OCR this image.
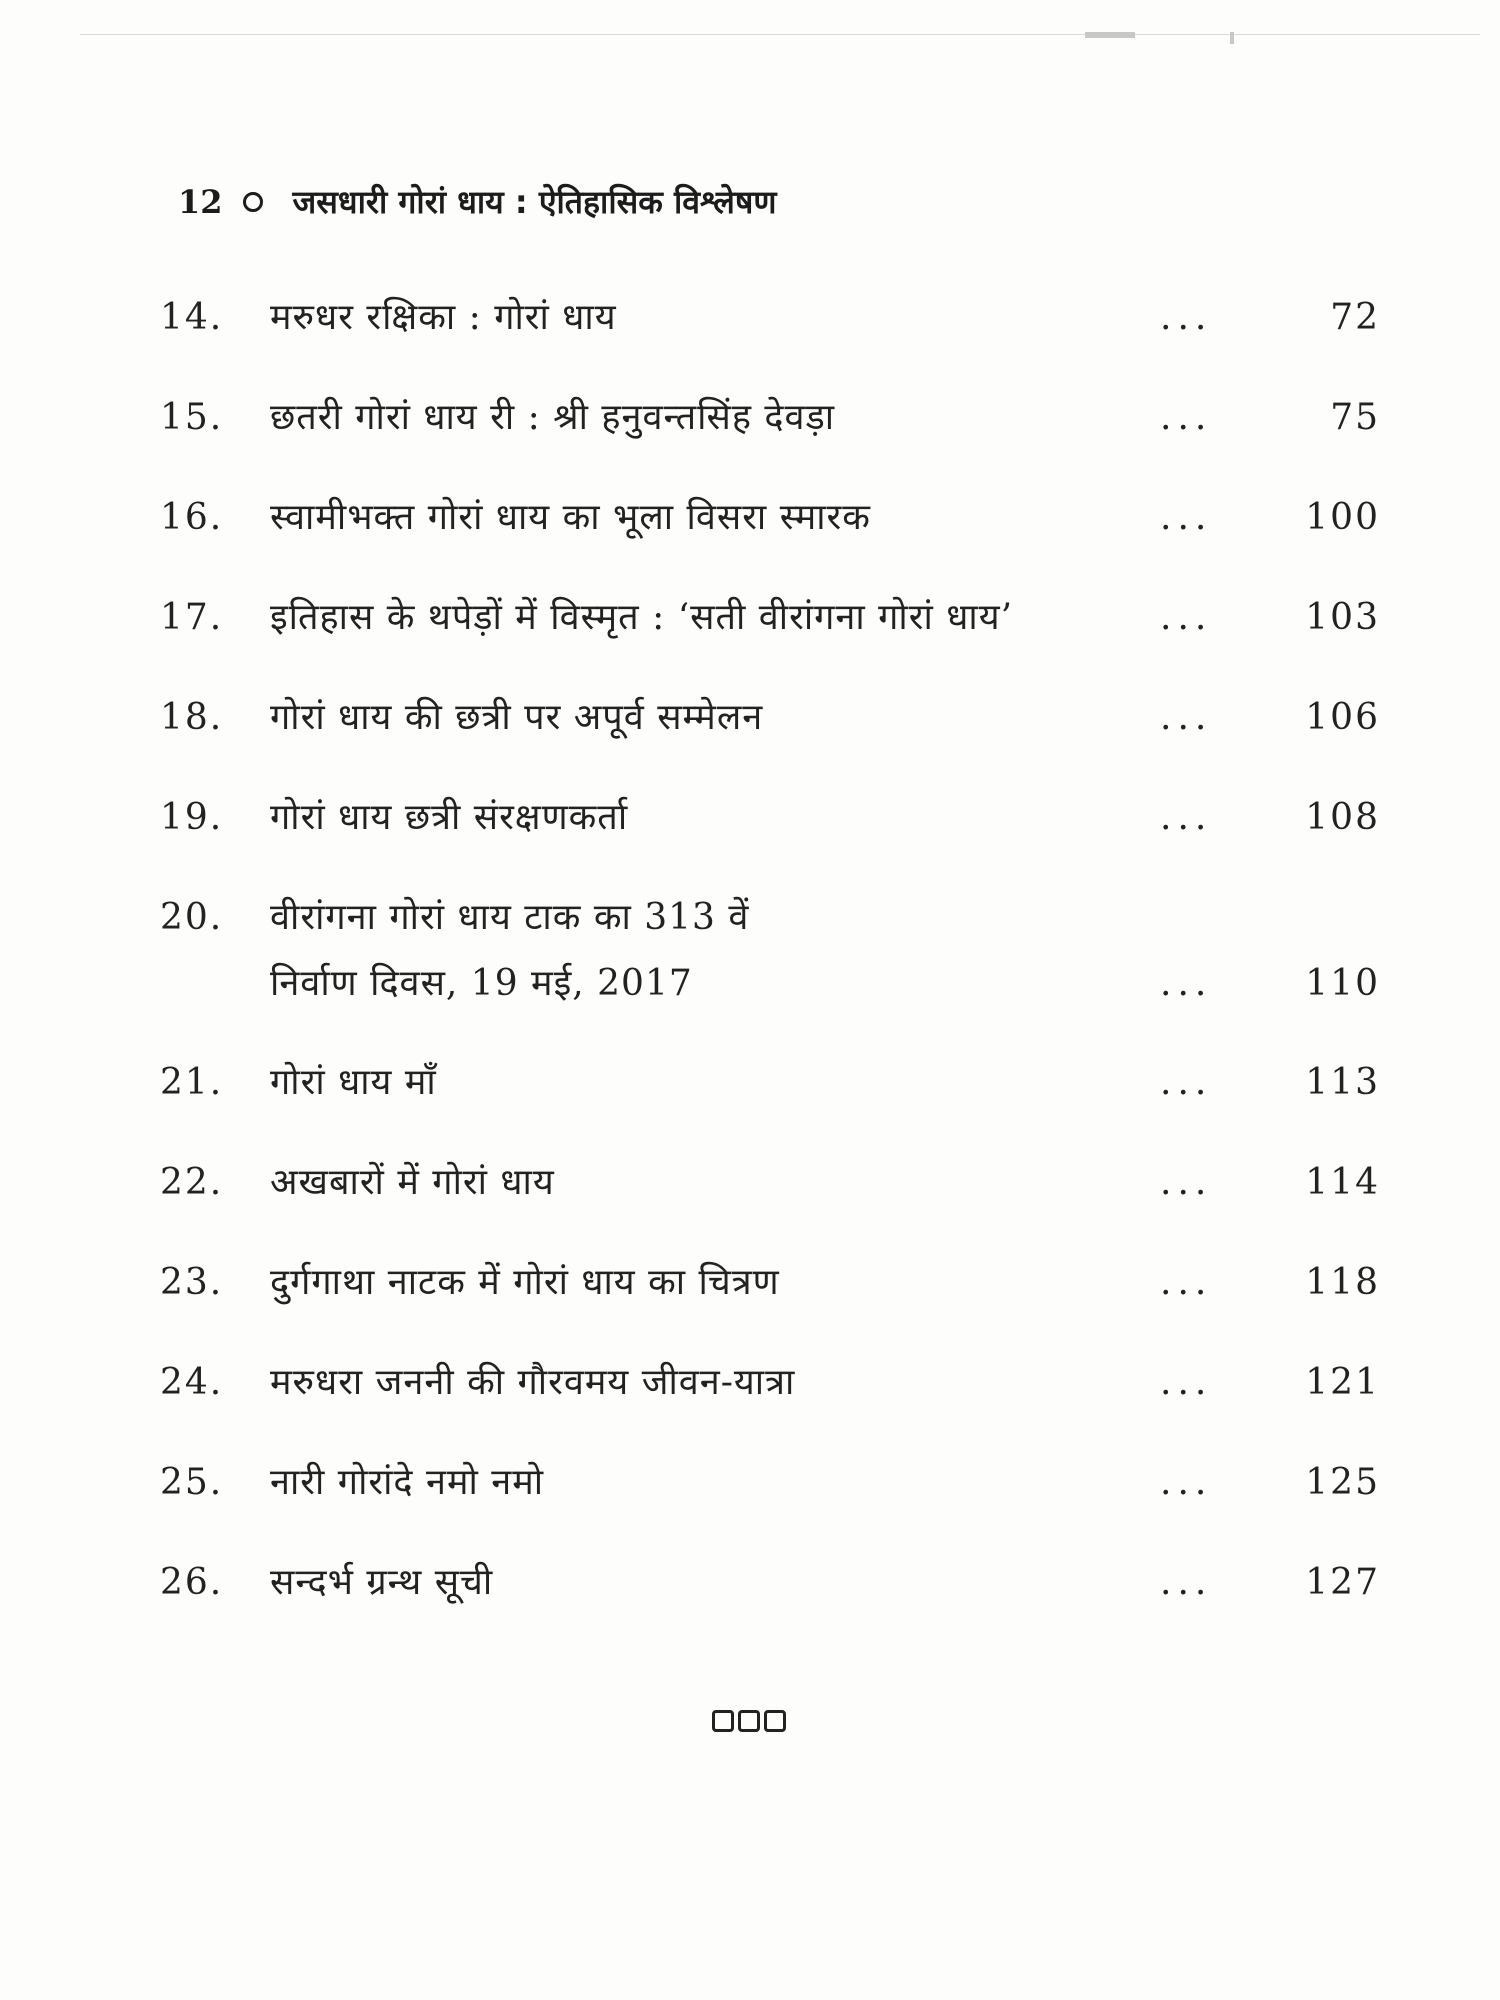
12 जसधारी गोरां धाय : ऐतिहासिक विश्लेषण
14.	मरुधर रक्षिका : गोरां धाय	...	72
15.	छतरी गोरां धाय री : श्री हनुवन्तसिंह देवड़ा	...	75
16.	स्वामीभक्त गोरां धाय का भूला विसरा स्मारक	...	100
17.	इतिहास के थपेड़ों में विस्मृत : ‘सती वीरांगना गोरां धाय’	...	103
18.	गोरां धाय की छत्री पर अपूर्व सम्मेलन	...	106
19.	गोरां धाय छत्री संरक्षणकर्ता	...	108
20.	वीरांगना गोरां धाय टाक का 313 वें
निर्वाण दिवस, 19 मई, 2017	...	110
21.	गोरां धाय माँ	...	113
22.	अखबारों में गोरां धाय	...	114
23.	दुर्गगाथा नाटक में गोरां धाय का चित्रण	...	118
24.	मरुधरा जननी की गौरवमय जीवन-यात्रा	...	121
25.	नारी गोरांदे नमो नमो	...	125
26.	सन्दर्भ ग्रन्थ सूची	...	127
